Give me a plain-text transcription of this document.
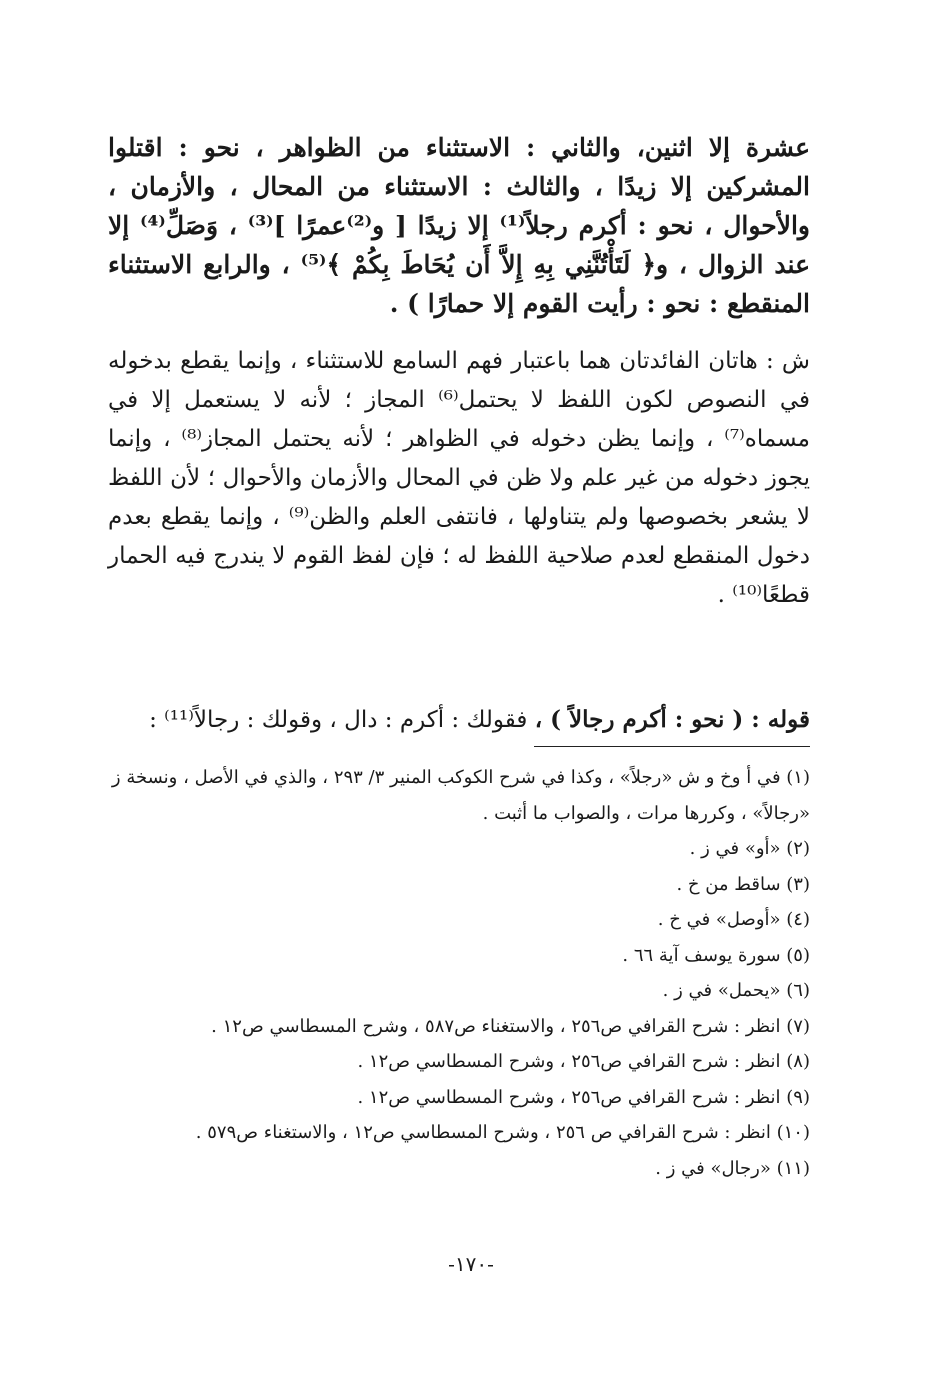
عشرة إلا اثنين، والثاني : الاستثناء من الظواهر ، نحو : اقتلوا المشركين إلا زيدًا ، والثالث : الاستثناء من المحال ، والأزمان ، والأحوال ، نحو : أكرم رجلاً⁽¹⁾ إلا زيدًا [ و⁽²⁾عمرًا ]⁽³⁾ ، وَصَلِّ⁽⁴⁾ إلا عند الزوال ، و﴿ لَتَأْتُنَّنِي بِهِ إِلاَّ أَن يُحَاطَ بِكُمْ ﴾⁽⁵⁾ ، والرابع الاستثناء المنقطع : نحو : رأيت القوم إلا حمارًا ) .

ش : هاتان الفائدتان هما باعتبار فهم السامع للاستثناء ، وإنما يقطع بدخوله في النصوص لكون اللفظ لا يحتمل⁽⁶⁾ المجاز ؛ لأنه لا يستعمل إلا في مسماه⁽⁷⁾ ، وإنما يظن دخوله في الظواهر ؛ لأنه يحتمل المجاز⁽⁸⁾ ، وإنما يجوز دخوله من غير علم ولا ظن في المحال والأزمان والأحوال ؛ لأن اللفظ لا يشعر بخصوصها ولم يتناولها ، فانتفى العلم والظن⁽⁹⁾ ، وإنما يقطع بعدم دخول المنقطع لعدم صلاحية اللفظ له ؛ فإن لفظ القوم لا يندرج فيه الحمار قطعًا⁽¹⁰⁾ .

قوله : ( نحو : أكرم رجالاً ) ، فقولك : أكرم : دال ، وقولك : رجالاً⁽¹¹⁾ :

(١) في أ وخ و ش «رجلاً» ، وكذا في شرح الكوكب المنير ٣/ ٢٩٣ ، والذي في الأصل ، ونسخة ز «رجالاً» ، وكررها مرات ، والصواب ما أثبت .
(٢) «أو» في ز .
(٣) ساقط من خ .
(٤) «أوصل» في خ .
(٥) سورة يوسف آية ٦٦ .
(٦) «يحمل» في ز .
(٧) انظر : شرح القرافي ص٢٥٦ ، والاستغناء ص٥٨٧ ، وشرح المسطاسي ص١٢ .
(٨) انظر : شرح القرافي ص٢٥٦ ، وشرح المسطاسي ص١٢ .
(٩) انظر : شرح القرافي ص٢٥٦ ، وشرح المسطاسي ص١٢ .
(١٠) انظر : شرح القرافي ص ٢٥٦ ، وشرح المسطاسي ص١٢ ، والاستغناء ص٥٧٩ .
(١١) «رجال» في ز .
-١٧٠-
